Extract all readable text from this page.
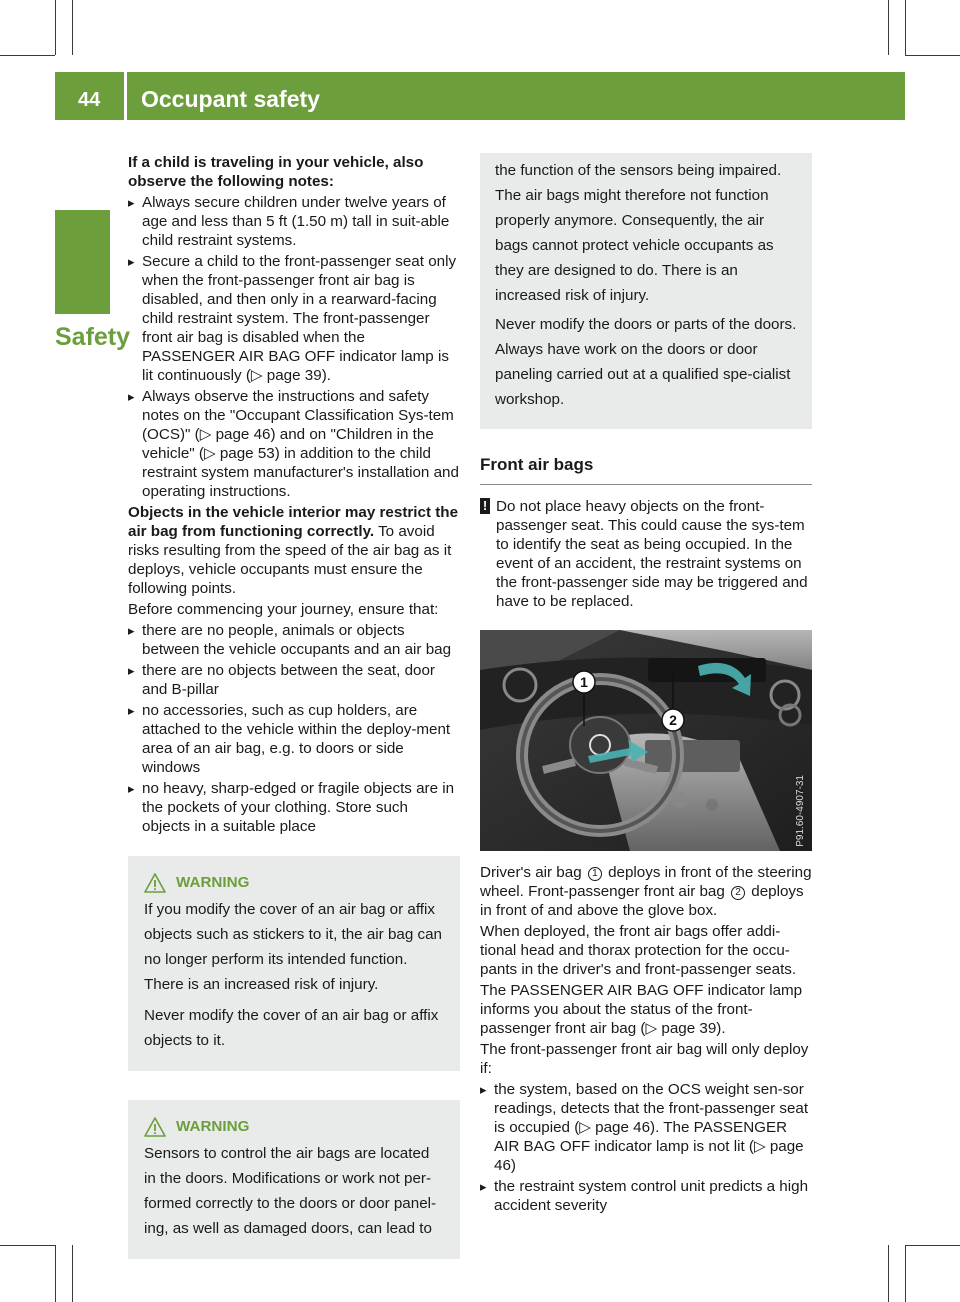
44 Occupant safety
Safety

If a child is traveling in your vehicle, also observe the following notes:

▸ Always secure children under twelve years of age and less than 5 ft (1.50 m) tall in suit-able child restraint systems.
▸ Secure a child to the front-passenger seat only when the front-passenger front air bag is disabled, and then only in a rearward-facing child restraint system. The front-passenger front air bag is disabled when the PASSENGER AIR BAG OFF indicator lamp is lit continuously (▷ page 39).
▸ Always observe the instructions and safety notes on the "Occupant Classification Sys-tem (OCS)" (▷ page 46) and on "Children in the vehicle" (▷ page 53) in addition to the child restraint system manufacturer's installation and operating instructions.

Objects in the vehicle interior may restrict the air bag from functioning correctly. To avoid risks resulting from the speed of the air bag as it deploys, vehicle occupants must ensure the following points.

Before commencing your journey, ensure that:

▸ there are no people, animals or objects between the vehicle occupants and an air bag
▸ there are no objects between the seat, door and B-pillar
▸ no accessories, such as cup holders, are attached to the vehicle within the deploy-ment area of an air bag, e.g. to doors or side windows
▸ no heavy, sharp-edged or fragile objects are in the pockets of your clothing. Store such objects in a suitable place
WARNING

If you modify the cover of an air bag or affix objects such as stickers to it, the air bag can no longer perform its intended function. There is an increased risk of injury.

Never modify the cover of an air bag or affix objects to it.

WARNING

Sensors to control the air bags are located in the doors. Modifications or work not per-formed correctly to the doors or door panel-ing, as well as damaged doors, can lead to

the function of the sensors being impaired. The air bags might therefore not function properly anymore. Consequently, the air bags cannot protect vehicle occupants as they are designed to do. There is an increased risk of injury.

Never modify the doors or parts of the doors. Always have work on the doors or door paneling carried out at a qualified spe-cialist workshop.

Front air bags
! Do not place heavy objects on the front-passenger seat. This could cause the sys-tem to identify the seat as being occupied. In the event of an accident, the restraint systems on the front-passenger side may be triggered and have to be replaced.
1
2
P91.60-4907-31

Driver's air bag 1 deploys in front of the steering wheel. Front-passenger front air bag 2 deploys in front of and above the glove box.

When deployed, the front air bags offer addi-tional head and thorax protection for the occu-pants in the driver's and front-passenger seats.

The PASSENGER AIR BAG OFF indicator lamp informs you about the status of the front-passenger front air bag (▷ page 39).

The front-passenger front air bag will only deploy if:

▸ the system, based on the OCS weight sen-sor readings, detects that the front-passenger seat is occupied (▷ page 46). The PASSENGER AIR BAG OFF indicator lamp is not lit (▷ page 46)
▸ the restraint system control unit predicts a high accident severity
